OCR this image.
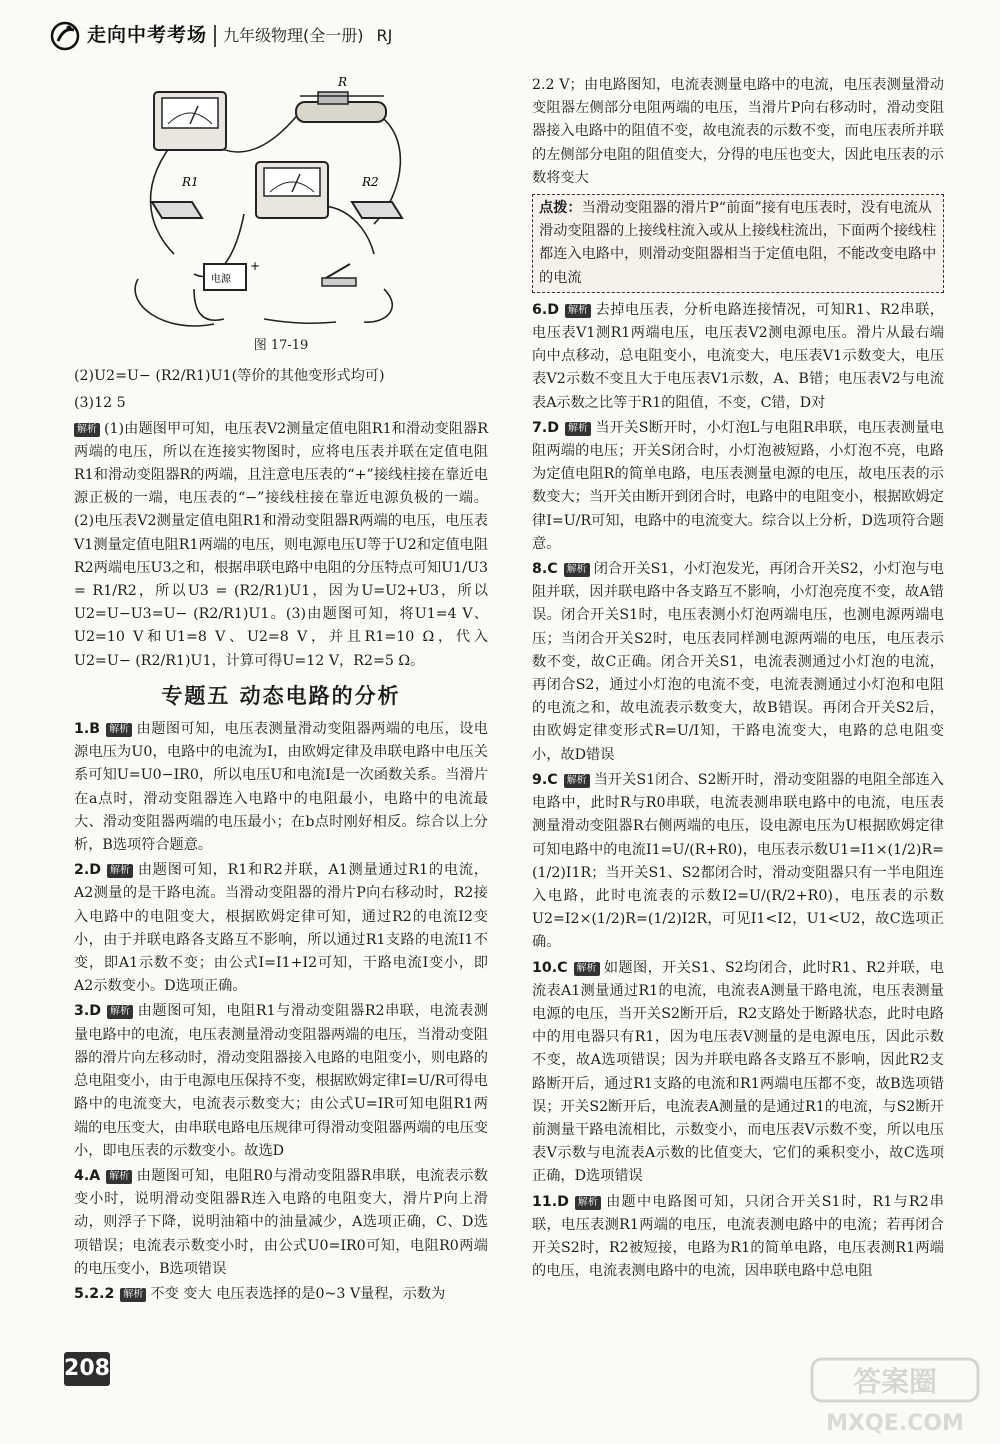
走向中考考场 九年级物理(全一册) RJ
R
R1	R2
电源
+
图 17-19

(2)U2=U− (R2/R1)U1(等价的其他变形式均可)

(3)12 5

解析 (1)由题图甲可知，电压表V2测量定值电阻R1和滑动变阻器R两端的电压，所以在连接实物图时，应将电压表并联在定值电阻R1和滑动变阻器R的两端，且注意电压表的“+”接线柱接在靠近电源正极的一端，电压表的“−”接线柱接在靠近电源负极的一端。(2)电压表V2测量定值电阻R1和滑动变阻器R两端的电压，电压表V1测量定值电阻R1两端的电压，则电源电压U等于U2和定值电阻R2两端电压U3之和，根据串联电路中电阻的分压特点可知U1/U3 = R1/R2，所以U3 = (R2/R1)U1，因为U=U2+U3，所以U2=U−U3=U− (R2/R1)U1。(3)由题图可知，将U1=4 V、U2=10 V和U1=8 V、U2=8 V，并且R1=10 Ω，代入U2=U− (R2/R1)U1，计算可得U=12 V，R2=5 Ω。

专题五 动态电路的分析

1.B 解析 由题图可知，电压表测量滑动变阻器两端的电压，设电源电压为U0，电路中的电流为I，由欧姆定律及串联电路中电压关系可知U=U0−IR0，所以电压U和电流I是一次函数关系。当滑片在a点时，滑动变阻器连入电路中的电阻最小，电路中的电流最大、滑动变阻器两端的电压最小；在b点时刚好相反。综合以上分析，B选项符合题意。

2.D 解析 由题图可知，R1和R2并联，A1测量通过R1的电流，A2测量的是干路电流。当滑动变阻器的滑片P向右移动时，R2接入电路中的电阻变大，根据欧姆定律可知，通过R2的电流I2变小，由于并联电路各支路互不影响，所以通过R1支路的电流I1不变，即A1示数不变；由公式I=I1+I2可知，干路电流I变小，即A2示数变小。D选项正确。

3.D 解析 由题图可知，电阻R1与滑动变阻器R2串联，电流表测量电路中的电流，电压表测量滑动变阻器两端的电压，当滑动变阻器的滑片向左移动时，滑动变阻器接入电路的电阻变小，则电路的总电阻变小，由于电源电压保持不变，根据欧姆定律I=U/R可得电路中的电流变大，电流表示数变大；由公式U=IR可知电阻R1两端的电压变大，由串联电路电压规律可得滑动变阻器两端的电压变小，即电压表的示数变小。故选D

4.A 解析 由题图可知，电阻R0与滑动变阻器R串联，电流表示数变小时，说明滑动变阻器R连入电路的电阻变大，滑片P向上滑动，则浮子下降，说明油箱中的油量减少，A选项正确，C、D选项错误；电流表示数变小时，由公式U0=IR0可知，电阻R0两端的电压变小，B选项错误

5.2.2 解析 不变 变大 电压表选择的是0~3 V量程，示数为

2.2 V；由电路图知，电流表测量电路中的电流，电压表测量滑动变阻器左侧部分电阻两端的电压，当滑片P向右移动时，滑动变阻器接入电路中的阻值不变，故电流表的示数不变，而电压表所并联的左侧部分电阻的阻值变大，分得的电压也变大，因此电压表的示数将变大

点拨：当滑动变阻器的滑片P“前面”接有电压表时，没有电流从滑动变阻器的上接线柱流入或从上接线柱流出，下面两个接线柱都连入电路中，则滑动变阻器相当于定值电阻，不能改变电路中的电流

6.D 解析 去掉电压表，分析电路连接情况，可知R1、R2串联，电压表V1测R1两端电压，电压表V2测电源电压。滑片从最右端向中点移动，总电阻变小，电流变大，电压表V1示数变大，电压表V2示数不变且大于电压表V1示数，A、B错；电压表V2与电流表A示数之比等于R1的阻值，不变，C错，D对

7.D 解析 当开关S断开时，小灯泡L与电阻R串联，电压表测量电阻两端的电压；开关S闭合时，小灯泡被短路，小灯泡不亮，电路为定值电阻R的简单电路，电压表测量电源的电压，故电压表的示数变大；当开关由断开到闭合时，电路中的电阻变小，根据欧姆定律I=U/R可知，电路中的电流变大。综合以上分析，D选项符合题意。

8.C 解析 闭合开关S1，小灯泡发光，再闭合开关S2，小灯泡与电阻并联，因并联电路中各支路互不影响，小灯泡亮度不变，故A错误。闭合开关S1时，电压表测小灯泡两端电压，也测电源两端电压；当闭合开关S2时，电压表同样测电源两端的电压，电压表示数不变，故C正确。闭合开关S1，电流表测通过小灯泡的电流，再闭合S2，通过小灯泡的电流不变，电流表测通过小灯泡和电阻的电流之和，故电流表示数变大，故B错误。再闭合开关S2后，由欧姆定律变形式R=U/I知，干路电流变大，电路的总电阻变小，故D错误

9.C 解析 当开关S1闭合、S2断开时，滑动变阻器的电阻全部连入电路中，此时R与R0串联，电流表测串联电路中的电流，电压表测量滑动变阻器R右侧两端的电压，设电源电压为U根据欧姆定律可知电路中的电流I1=U/(R+R0)，电压表示数U1=I1×(1/2)R=(1/2)I1R；当开关S1、S2都闭合时，滑动变阻器只有一半电阻连入电路，此时电流表的示数I2=U/(R/2+R0)，电压表的示数U2=I2×(1/2)R=(1/2)I2R，可见I1<I2，U1<U2，故C选项正确。

10.C 解析 如题图，开关S1、S2均闭合，此时R1、R2并联，电流表A1测量通过R1的电流，电流表A测量干路电流，电压表测量电源的电压，当开关S2断开后，R2支路处于断路状态，此时电路中的用电器只有R1，因为电压表V测量的是电源电压，因此示数不变，故A选项错误；因为并联电路各支路互不影响，因此R2支路断开后，通过R1支路的电流和R1两端电压都不变，故B选项错误；开关S2断开后，电流表A测量的是通过R1的电流，与S2断开前测量干路电流相比，示数变小，而电压表V示数不变，所以电压表V示数与电流表A示数的比值变大，它们的乘积变小，故C选项正确，D选项错误

11.D 解析 由题中电路图可知，只闭合开关S1时，R1与R2串联，电压表测R1两端的电压，电流表测电路中的电流；若再闭合开关S2时，R2被短接，电路为R1的简单电路，电压表测R1两端的电压，电流表测电路中的电流，因串联电路中总电阻

208	答案圈
MXQE.COM
